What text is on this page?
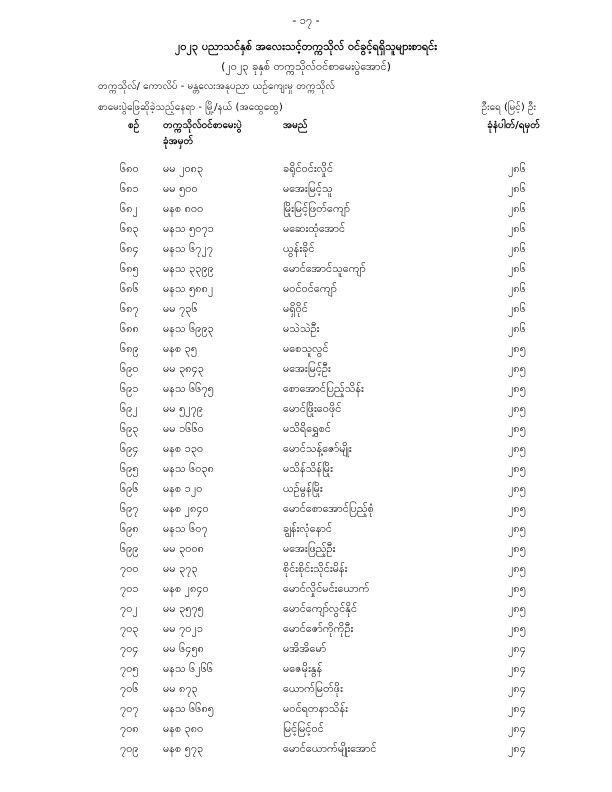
- ၁၇ -
၂၀၂၃ ပညာသင်နှစ် အလေးသင့်တက္ကသိုလ် ဝင်ခွင့်ရရှိသူများစာရင်း
(၂၀၂၃ ခုနှစ် တက္ကသိုလ်ဝင်စာမေးပွဲအောင်)
တက္ကသိုလ်/ ကောလိပ် - မန္တလေးအနုပညာ ယဉ်ကျေးမှု တက္ကသိုလ်
စာမေးပွဲဖြေဆိုခဲ့သည့်နေရာ - မြို့/နယ် (အထွေထွေ)	ဦးရေ (မြင့်) ဦး
စဉ် တက္ကသိုလ်ဝင်စာမေးပွဲ
ခုံအမှတ်
အမည်	ခုံနံပါတ်/ရမှတ်
၆၈၀ မမ ၂၀၈၃	ခရိုင်ဝင်းလှိုင်	၂၈၆
၆၈၁ မမ ၅၀၀	မအေးမြင့်သူ	၂၈၆
၆၈၂ မနစ ၈၀၀	မြိုးမြင့်ဖြတ်ကျော်	၂၈၆
၆၈၃ မနသ ၅၀၇၁	မဆေးထုံအောင်	၂၈၆
၆၈၄ မနသ ၆၇၂၇	ယွန်းခိုင်	၂၈၆
၆၈၅ မနသ ၃၃၉၉	မောင်အောင်သူကျော်	၂၈၆
၆၈၆ မနသ ၅၈၈၂	မဝင်ဝင်ကျော်	၂၈၆
၆၈၇ မမ ၇၃၆	မရှိဝိုင်	၂၈၆
၆၈၈ မနသ ၆၉၉၃	မသဲသဲဦး	၂၈၆
၆၈၉ မနစ ၃၅	မစေသူလွင်	၂၈၅
၆၉၀ မမ ၃၈၄၃	မအေးမြင့်ဦး	၂၈၅
၆၉၁ မနသ ၆၆၇၅	စောအောင်ပြည့်သိန်း	၂၈၅
၆၉၂ မမ ၅၂၇၉	မောင်ဖြိုးဝေဖိုင်	၂၈၅
၆၉၃ မမ ၁၆၆၀	မသိရိရွှေစင်	၂၈၅
၆၉၄ မနစ ၁၃၀	မောင်သန့်ဇော်မျိုး	၂၈၅
၆၉၅ မနသ ၆၀၃၈	မသိန်သိန်မြိုး	၂၈၅
၆၉၆ မနစ ၁၂၀	ယဉ်မွန်မြိုး	၂၈၅
၆၉၇ မနစ ၂၈၄၀	မောင်စောအောင်ပြည့်စုံ	၂၈၅
၆၉၈ မနသ ၆၀၇	ချွန်းလုံနောင်	၂၈၅
၆၉၉ မမ ၃၀၀၈	မအေးဖြည့်ဦး	၂၈၅
၇၀၀ မမ ၃၇၃	စိုင်းစိုင်းသိုင်းမိန်း	၂၈၅
၇၀၁ မနစ ၂၈၄၀	မောင်လှိုင်မင်းယောက်	၂၈၅
၇၀၂ မမ ၃၅၇၅	မောင်ကျော်လွင်နိုင်	၂၈၅
၇၀၃ မမ ၇၀၂၁	မောင်ဇော်ကိုကိုဦး	၂၈၅
၇၀၄ မမ ၆၄၅၈	မအိအိမော်	၂၈၄
၇၀၅ မနသ ၆၂၆၆	မဇေမိုးနွန်	၂၈၄
၇၀၆ မမ ၈၇၃	ယောက်မြတ်ဖိုး	၂၈၄
၇၀၇ မနသ ၆၆၈၅	မဝင်ရတနာသိန်း	၂၈၄
၇၀၈ မနစ ၃၈၀	မြင့်မြင့်ဝင်	၂၈၄
၇၀၉ မနစ ၅၇၃	မောင်ယောက်မျိုးအောင်	၂၈၄
